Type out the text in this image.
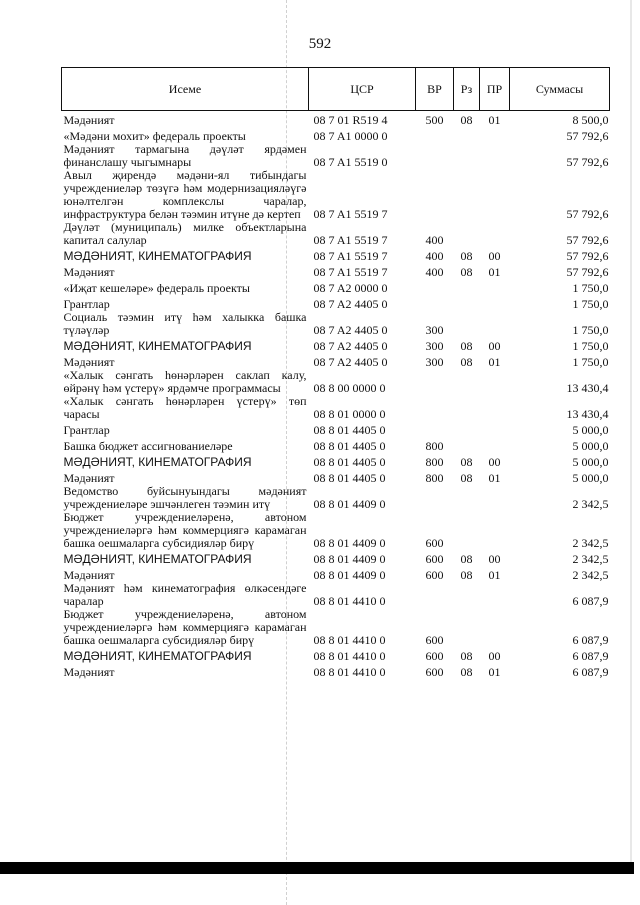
592
Исеме	ЦСР	ВР	Рз	ПР	Суммасы
Мәдәният	08 7 01 R519 4	500	08	01	8 500,0
«Мәдәни мохит» федераль проекты	08 7 A1 0000 0				57 792,6
Мәдәният тармагына дәүләт ярдәмен финанслашу чыгымнары	08 7 A1 5519 0				57 792,6
Авыл җирендә мәдәни-ял тибындагы учреждениеләр төзүгә һәм модернизацияләүгә юнәлтелгән комплекслы чаралар, инфраструктура белән тәэмин итүне дә кертеп	08 7 A1 5519 7				57 792,6
Дәүләт (муниципаль) милке объектларына капитал салулар	08 7 A1 5519 7	400			57 792,6
МӘДӘНИЯТ, КИНЕМАТОГРАФИЯ	08 7 A1 5519 7	400	08	00	57 792,6
Мәдәният	08 7 A1 5519 7	400	08	01	57 792,6
«Иҗат кешеләре» федераль проекты	08 7 A2 0000 0				1 750,0
Грантлар	08 7 A2 4405 0				1 750,0
Социаль тәэмин итү һәм халыкка башка түләүләр	08 7 A2 4405 0	300			1 750,0
МӘДӘНИЯТ, КИНЕМАТОГРАФИЯ	08 7 A2 4405 0	300	08	00	1 750,0
Мәдәният	08 7 A2 4405 0	300	08	01	1 750,0
«Халык сәнгать һөнәрләрен саклап калу, өйрәнү һәм үстерү» ярдәмче программасы	08 8 00 0000 0				13 430,4
«Халык сәнгать һөнәрләрен үстерү» төп чарасы	08 8 01 0000 0				13 430,4
Грантлар	08 8 01 4405 0				5 000,0
Башка бюджет ассигнованиеләре	08 8 01 4405 0	800			5 000,0
МӘДӘНИЯТ, КИНЕМАТОГРАФИЯ	08 8 01 4405 0	800	08	00	5 000,0
Мәдәният	08 8 01 4405 0	800	08	01	5 000,0
Ведомство буйсынуындагы мәдәният учреждениеләре эшчәнлеген тәэмин итү	08 8 01 4409 0				2 342,5
Бюджет учреждениеләренә, автоном учреждениеләргә һәм коммерциягә карамаган башка оешмаларга субсидияләр бирү	08 8 01 4409 0	600			2 342,5
МӘДӘНИЯТ, КИНЕМАТОГРАФИЯ	08 8 01 4409 0	600	08	00	2 342,5
Мәдәният	08 8 01 4409 0	600	08	01	2 342,5
Мәдәният һәм кинематография өлкәсендәге чаралар	08 8 01 4410 0				6 087,9
Бюджет учреждениеләренә, автоном учреждениеләргә һәм коммерциягә карамаган башка оешмаларга субсидияләр бирү	08 8 01 4410 0	600			6 087,9
МӘДӘНИЯТ, КИНЕМАТОГРАФИЯ	08 8 01 4410 0	600	08	00	6 087,9
Мәдәният	08 8 01 4410 0	600	08	01	6 087,9
